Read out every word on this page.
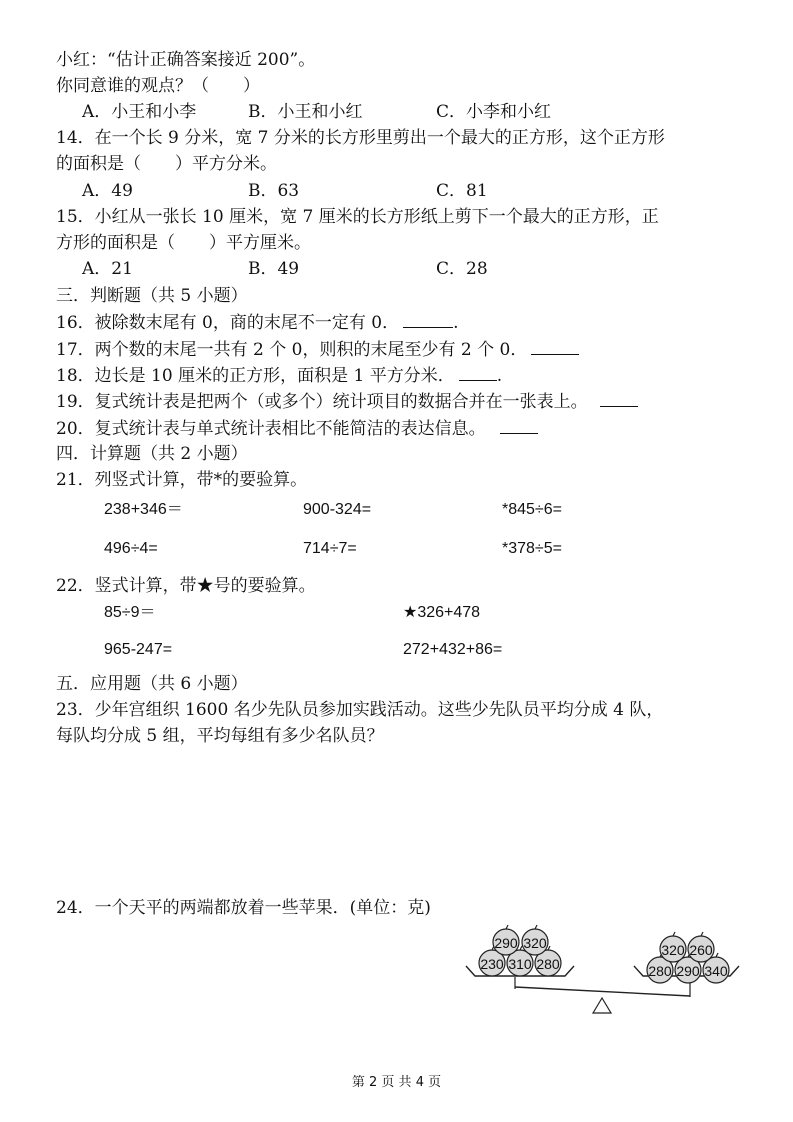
小红：“估计正确答案接近 200”。
你同意谁的观点？（　　）
A．小王和小李	B．小王和小红	C．小李和小红
14．在一个长 9 分米，宽 7 分米的长方形里剪出一个最大的正方形，这个正方形
的面积是（　　）平方分米。
A．49	B．63	C．81
15．小红从一张长 10 厘米，宽 7 厘米的长方形纸上剪下一个最大的正方形，正
方形的面积是（　　）平方厘米。
A．21	B．49	C．28
三．判断题（共 5 小题）
16．被除数末尾有 0，商的末尾不一定有 0．	.
17．两个数的末尾一共有 2 个 0，则积的末尾至少有 2 个 0．
18．边长是 10 厘米的正方形，面积是 1 平方分米． .
19．复式统计表是把两个（或多个）统计项目的数据合并在一张表上。
20．复式统计表与单式统计表相比不能简洁的表达信息。
四．计算题（共 2 小题）
21．列竖式计算，带*的要验算。
238+346＝	900-324=	*845÷6=
496÷4=	714÷7=	*378÷5=
22．竖式计算，带★号的要验算。
85÷9＝	★326+478
965-247=	272+432+86=
五．应用题（共 6 小题）
23．少年宫组织 1600 名少先队员参加实践活动。这些少先队员平均分成 4 队，
每队均分成 5 组，平均每组有多少名队员？
24．一个天平的两端都放着一些苹果．(单位：克)
230 310 280
290 320
280 290 340
320 260
第 2 页 共 4 页
